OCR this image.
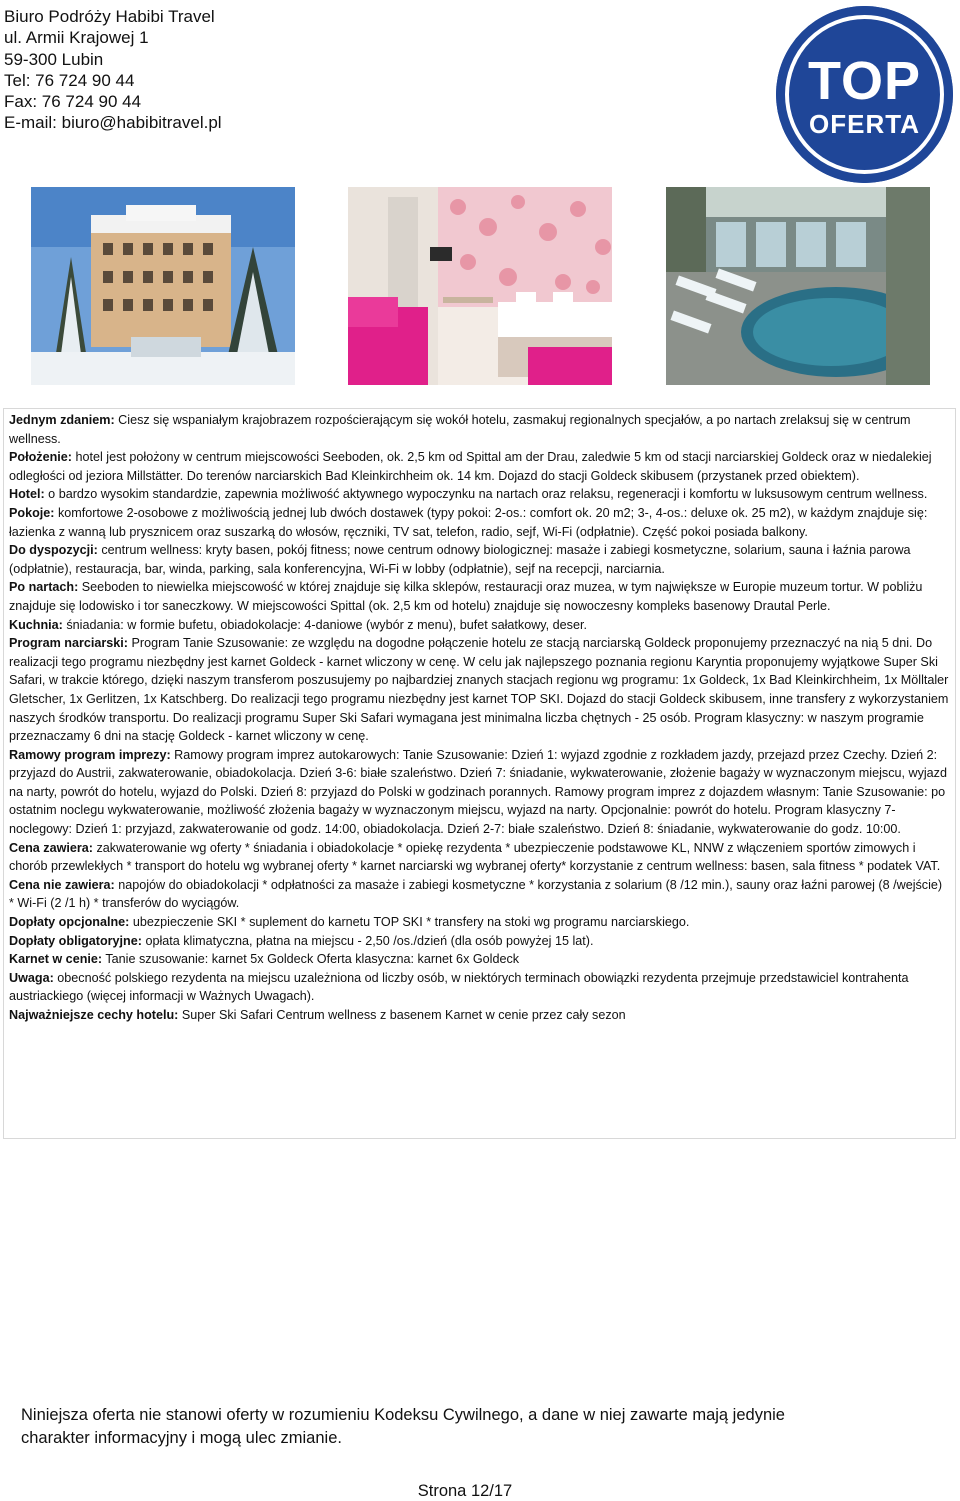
Biuro Podróży Habibi Travel
ul. Armii Krajowej 1
59-300 Lubin
Tel: 76 724 90 44
Fax: 76 724 90 44
E-mail: biuro@habibitravel.pl
TOP
OFERTA

Jednym zdaniem: Ciesz się wspaniałym krajobrazem rozpościerającym się wokół hotelu, zasmakuj regionalnych specjałów, a po nartach zrelaksuj się w centrum wellness.

Położenie: hotel jest położony w centrum miejscowości Seeboden, ok. 2,5 km od Spittal am der Drau, zaledwie 5 km od stacji narciarskiej Goldeck oraz w niedalekiej odległości od jeziora Millstätter. Do terenów narciarskich Bad Kleinkirchheim ok. 14 km. Dojazd do stacji Goldeck skibusem (przystanek przed obiektem).

Hotel: o bardzo wysokim standardzie, zapewnia możliwość aktywnego wypoczynku na nartach oraz relaksu, regeneracji i komfortu w luksusowym centrum wellness.

Pokoje: komfortowe 2-osobowe z możliwością jednej lub dwóch dostawek (typy pokoi: 2-os.: comfort ok. 20 m2; 3-, 4-os.: deluxe ok. 25 m2), w każdym znajduje się: łazienka z wanną lub prysznicem oraz suszarką do włosów, ręczniki, TV sat, telefon, radio, sejf, Wi-Fi (odpłatnie). Część pokoi posiada balkony.

Do dyspozycji: centrum wellness: kryty basen, pokój fitness; nowe centrum odnowy biologicznej: masaże i zabiegi kosmetyczne, solarium, sauna i łaźnia parowa (odpłatnie), restauracja, bar, winda, parking, sala konferencyjna, Wi-Fi w lobby (odpłatnie), sejf na recepcji, narciarnia.

Po nartach: Seeboden to niewielka miejscowość w której znajduje się kilka sklepów, restauracji oraz muzea, w tym największe w Europie muzeum tortur. W pobliżu znajduje się lodowisko i tor saneczkowy. W miejscowości Spittal (ok. 2,5 km od hotelu) znajduje się nowoczesny kompleks basenowy Drautal Perle.

Kuchnia: śniadania: w formie bufetu, obiadokolacje: 4-daniowe (wybór z menu), bufet sałatkowy, deser.

Program narciarski: Program Tanie Szusowanie: ze względu na dogodne połączenie hotelu ze stacją narciarską Goldeck proponujemy przeznaczyć na nią 5 dni. Do realizacji tego programu niezbędny jest karnet Goldeck - karnet wliczony w cenę. W celu jak najlepszego poznania regionu Karyntia proponujemy wyjątkowe Super Ski Safari, w trakcie którego, dzięki naszym transferom poszusujemy po najbardziej znanych stacjach regionu wg programu: 1x Goldeck, 1x Bad Kleinkirchheim, 1x Mölltaler Gletscher, 1x Gerlitzen, 1x Katschberg. Do realizacji tego programu niezbędny jest karnet TOP SKI. Dojazd do stacji Goldeck skibusem, inne transfery z wykorzystaniem naszych środków transportu. Do realizacji programu Super Ski Safari wymagana jest minimalna liczba chętnych - 25 osób. Program klasyczny: w naszym programie przeznaczamy 6 dni na stację Goldeck - karnet wliczony w cenę.

Ramowy program imprezy: Ramowy program imprez autokarowych: Tanie Szusowanie: Dzień 1: wyjazd zgodnie z rozkładem jazdy, przejazd przez Czechy. Dzień 2: przyjazd do Austrii, zakwaterowanie, obiadokolacja. Dzień 3-6: białe szaleństwo. Dzień 7: śniadanie, wykwaterowanie, złożenie bagaży w wyznaczonym miejscu, wyjazd na narty, powrót do hotelu, wyjazd do Polski. Dzień 8: przyjazd do Polski w godzinach porannych. Ramowy program imprez z dojazdem własnym: Tanie Szusowanie: po ostatnim noclegu wykwaterowanie, możliwość złożenia bagaży w wyznaczonym miejscu, wyjazd na narty. Opcjonalnie: powrót do hotelu. Program klasyczny 7-noclegowy: Dzień 1: przyjazd, zakwaterowanie od godz. 14:00, obiadokolacja. Dzień 2-7: białe szaleństwo. Dzień 8: śniadanie, wykwaterowanie do godz. 10:00.

Cena zawiera: zakwaterowanie wg oferty * śniadania i obiadokolacje * opiekę rezydenta * ubezpieczenie podstawowe KL, NNW z włączeniem sportów zimowych i chorób przewlekłych * transport do hotelu wg wybranej oferty * karnet narciarski wg wybranej oferty* korzystanie z centrum wellness: basen, sala fitness * podatek VAT.

Cena nie zawiera: napojów do obiadokolacji * odpłatności za masaże i zabiegi kosmetyczne * korzystania z solarium (8 /12 min.), sauny oraz łaźni parowej (8 /wejście) * Wi-Fi (2 /1 h) * transferów do wyciągów.

Dopłaty opcjonalne: ubezpieczenie SKI * suplement do karnetu TOP SKI * transfery na stoki wg programu narciarskiego.

Dopłaty obligatoryjne: opłata klimatyczna, płatna na miejscu - 2,50 /os./dzień (dla osób powyżej 15 lat).

Karnet w cenie: Tanie szusowanie: karnet 5x Goldeck Oferta klasyczna: karnet 6x Goldeck

Uwaga: obecność polskiego rezydenta na miejscu uzależniona od liczby osób, w niektórych terminach obowiązki rezydenta przejmuje przedstawiciel kontrahenta austriackiego (więcej informacji w Ważnych Uwagach).

Najważniejsze cechy hotelu: Super Ski Safari Centrum wellness z basenem Karnet w cenie przez cały sezon

Niniejsza oferta nie stanowi oferty w rozumieniu Kodeksu Cywilnego, a dane w niej zawarte mają jedynie charakter informacyjny i mogą ulec zmianie.
Strona 12/17
